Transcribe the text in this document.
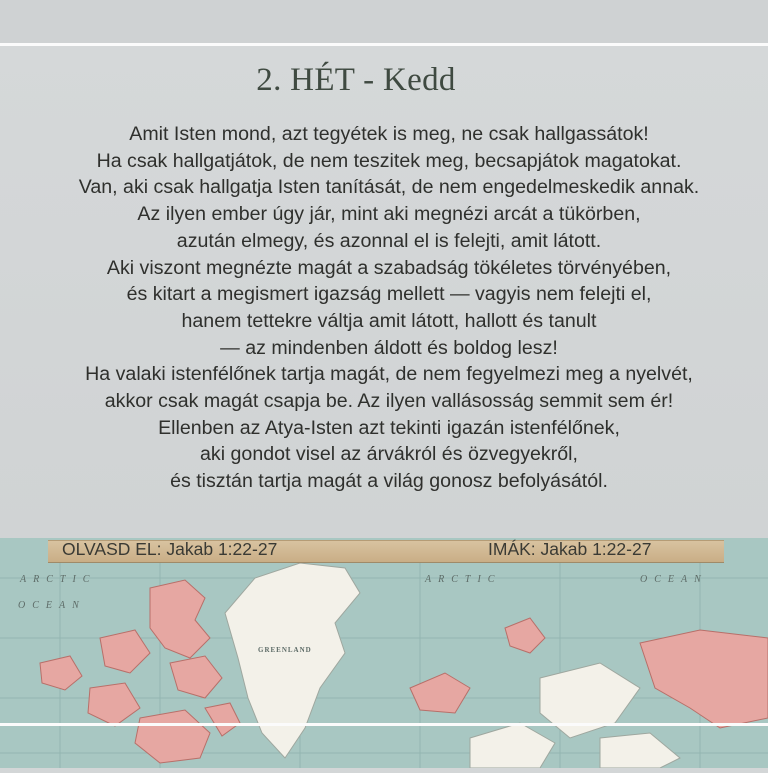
2. HÉT - Kedd
Amit Isten mond, azt tegyétek is meg, ne csak hallgassátok!
Ha csak hallgatjátok, de nem teszitek meg, becsapjátok magatokat.
Van, aki csak hallgatja Isten tanítását, de nem engedelmeskedik annak.
Az ilyen ember úgy jár, mint aki megnézi arcát a tükörben,
azután elmegy, és azonnal el is felejti, amit látott.
Aki viszont megnézte magát a szabadság tökéletes törvényében,
és kitart a megismert igazság mellett — vagyis nem felejti el,
hanem tettekre váltja amit látott, hallott és tanult
— az mindenben áldott és boldog lesz!
Ha valaki istenfélőnek tartja magát, de nem fegyelmezi meg a nyelvét,
akkor csak magát csapja be. Az ilyen vallásosság semmit sem ér!
Ellenben az Atya-Isten azt tekinti igazán istenfélőnek,
aki gondot visel az árvákról és özvegyekről,
és tisztán tartja magát a világ gonosz befolyásától.
ARCTIC
OCEAN
ARCTIC	OCEAN
GREENLAND
OLVASD EL: Jakab 1:22-27	IMÁK: Jakab 1:22-27
